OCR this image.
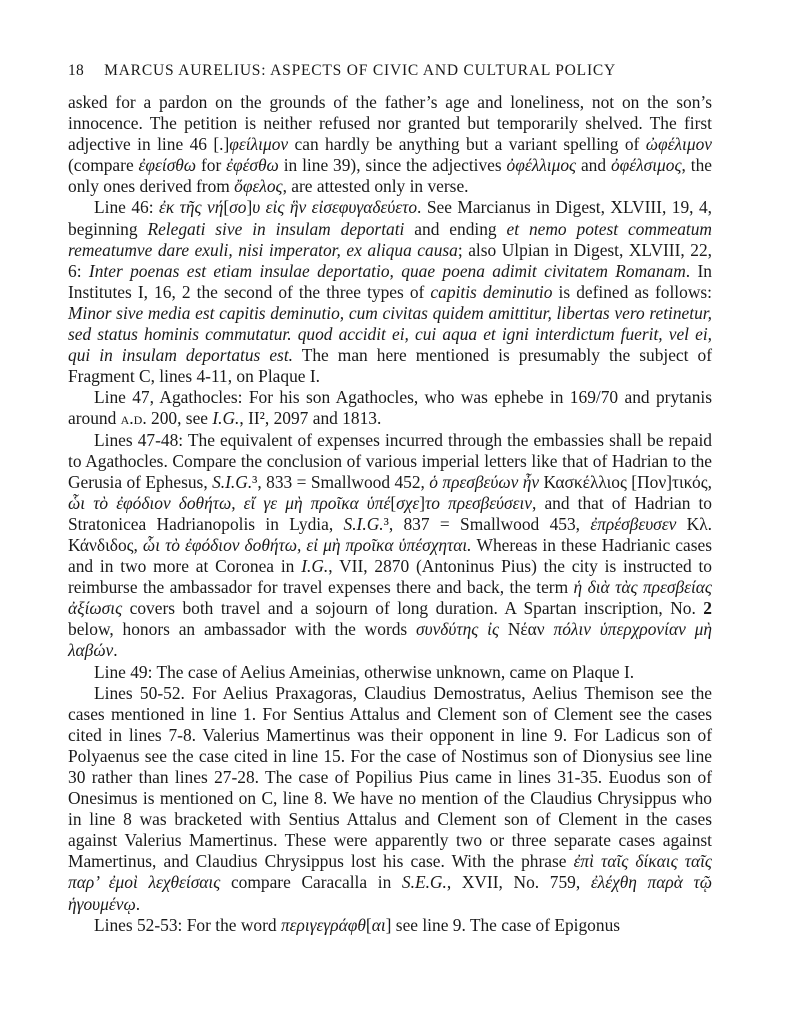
18 MARCUS AURELIUS: ASPECTS OF CIVIC AND CULTURAL POLICY

asked for a pardon on the grounds of the father’s age and loneliness, not on the son’s innocence. The petition is neither refused nor granted but temporarily shelved. The first adjective in line 46 [.]φείλιμον can hardly be anything but a variant spelling of ὠφέλιμον (compare ἐφείσθω for ἐφέσθω in line 39), since the adjectives ὀφέλλιμος and ὀφέλσιμος, the only ones derived from ὄφελος, are attested only in verse.

Line 46: ἐκ τῆς νή[σο]υ εἰς ἣν εἰσεφυγαδεύετο. See Marcianus in Digest, XLVIII, 19, 4, beginning Relegati sive in insulam deportati and ending et nemo potest commeatum remeatumve dare exuli, nisi imperator, ex aliqua causa; also Ulpian in Digest, XLVIII, 22, 6: Inter poenas est etiam insulae deportatio, quae poena adimit civitatem Romanam. In Institutes I, 16, 2 the second of the three types of capitis deminutio is defined as follows: Minor sive media est capitis deminutio, cum civitas quidem amittitur, libertas vero retinetur, sed status hominis commutatur. quod accidit ei, cui aqua et igni interdictum fuerit, vel ei, qui in insulam deportatus est. The man here mentioned is presumably the subject of Fragment C, lines 4-11, on Plaque I.

Line 47, Agathocles: For his son Agathocles, who was ephebe in 169/70 and prytanis around a.d. 200, see I.G., II², 2097 and 1813.

Lines 47-48: The equivalent of expenses incurred through the embassies shall be repaid to Agathocles. Compare the conclusion of various imperial letters like that of Hadrian to the Gerusia of Ephesus, S.I.G.³, 833 = Smallwood 452, ὁ πρεσβεύων ἦν Κασκέλλιος [Πον]τικός, ὧι τὸ ἐφόδιον δοθήτω, εἴ γε μὴ προῖκα ὑπέ[σχε]το πρεσβεύσειν, and that of Hadrian to Stratonicea Hadrianopolis in Lydia, S.I.G.³, 837 = Smallwood 453, ἐπρέσβευσεν Κλ. Κάνδιδος, ὧι τὸ ἐφόδιον δοθήτω, εἰ μὴ προῖκα ὑπέσχηται. Whereas in these Hadrianic cases and in two more at Coronea in I.G., VII, 2870 (Antoninus Pius) the city is instructed to reimburse the ambassador for travel expenses there and back, the term ἡ διὰ τὰς πρεσβείας ἀξίωσις covers both travel and a sojourn of long duration. A Spartan inscription, No. 2 below, honors an ambassador with the words συνδύτης ἰς Νέαν πόλιν ὑπερχρονίαν μὴ λαβών.

Line 49: The case of Aelius Ameinias, otherwise unknown, came on Plaque I.

Lines 50-52. For Aelius Praxagoras, Claudius Demostratus, Aelius Themison see the cases mentioned in line 1. For Sentius Attalus and Clement son of Clement see the cases cited in lines 7-8. Valerius Mamertinus was their opponent in line 9. For Ladicus son of Polyaenus see the case cited in line 15. For the case of Nostimus son of Dionysius see line 30 rather than lines 27-28. The case of Popilius Pius came in lines 31-35. Euodus son of Onesimus is mentioned on C, line 8. We have no mention of the Claudius Chrysippus who in line 8 was bracketed with Sentius Attalus and Clement son of Clement in the cases against Valerius Mamertinus. These were apparently two or three separate cases against Mamertinus, and Claudius Chrysippus lost his case. With the phrase ἐπὶ ταῖς δίκαις ταῖς παρ’ ἐμοὶ λεχθείσαις compare Caracalla in S.E.G., XVII, No. 759, ἐλέχθη παρὰ τῷ ἡγουμένῳ.

Lines 52-53: For the word περιγεγράφθ[αι] see line 9. The case of Epigonus
